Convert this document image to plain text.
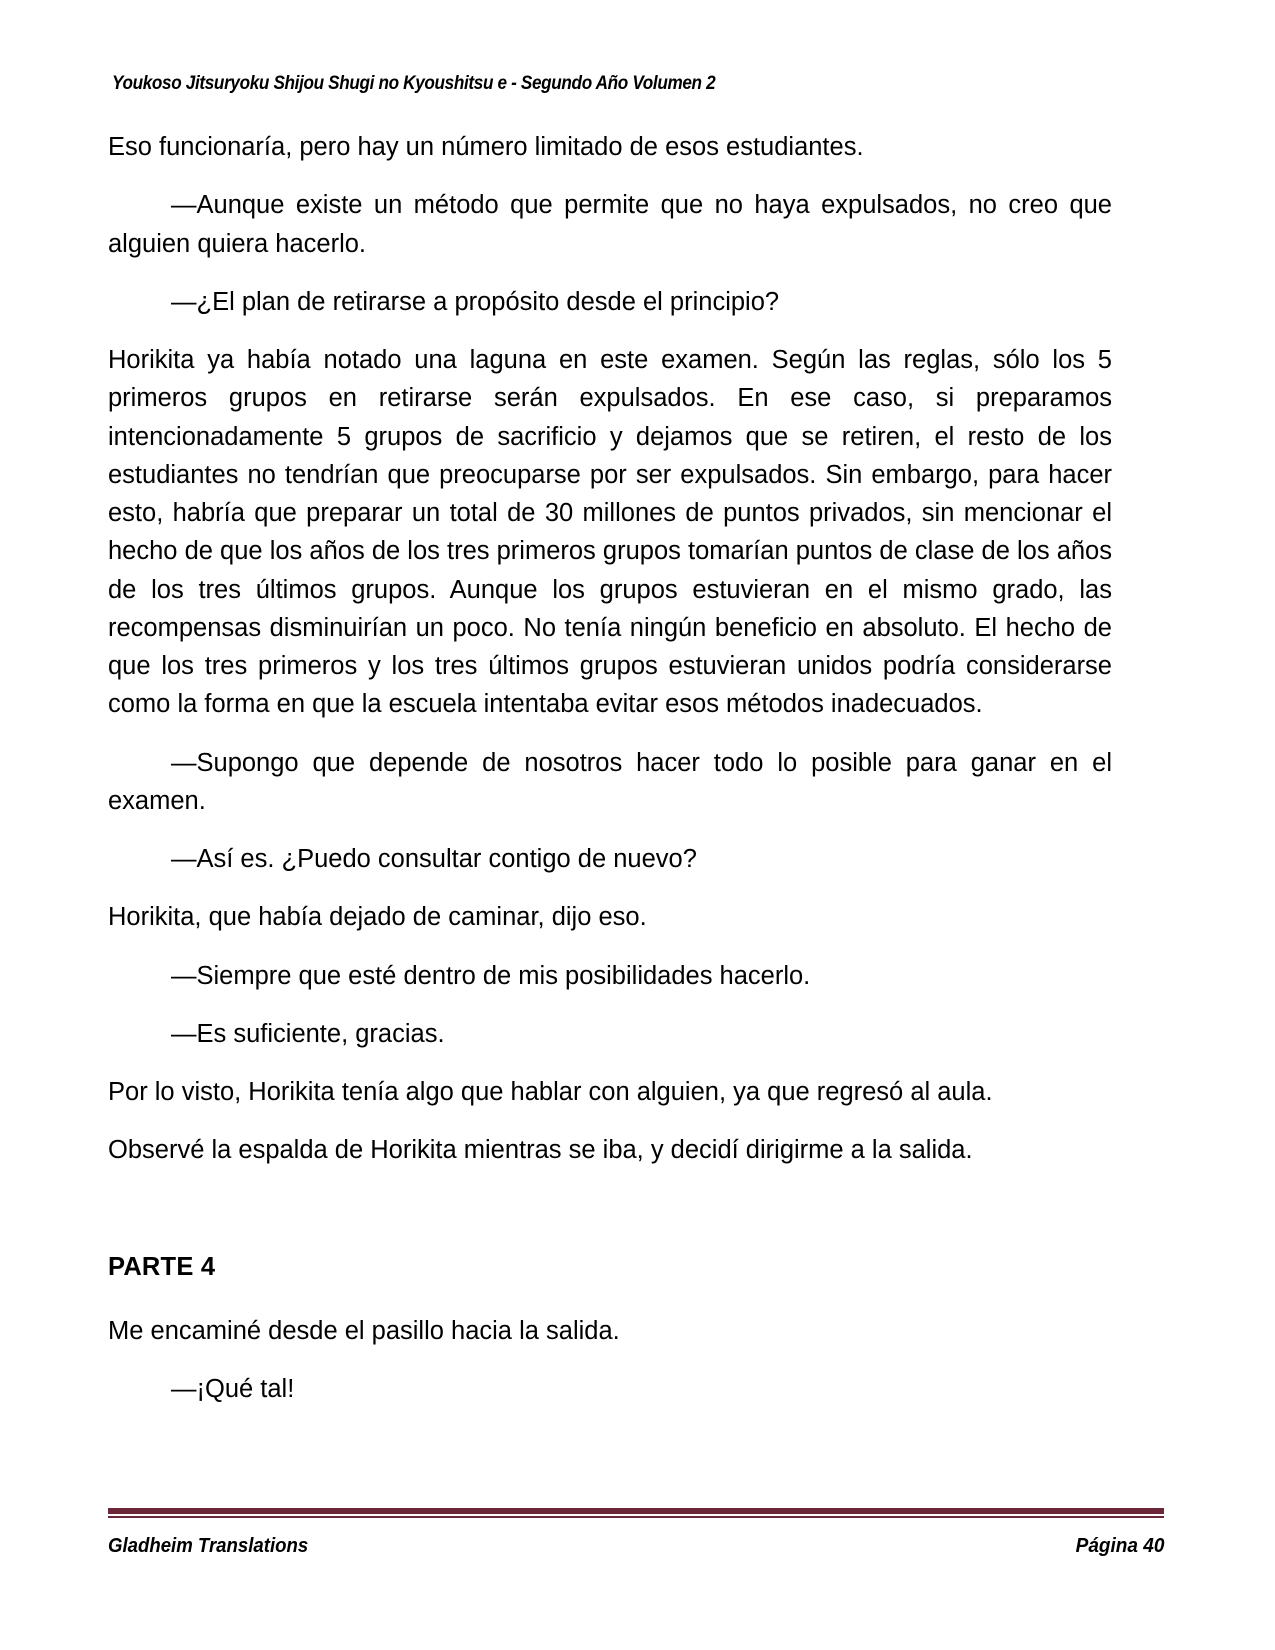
Youkoso Jitsuryoku Shijou Shugi no Kyoushitsu e - Segundo Año Volumen 2

Eso funcionaría, pero hay un número limitado de esos estudiantes.

—Aunque existe un método que permite que no haya expulsados, no creo que alguien quiera hacerlo.

—¿El plan de retirarse a propósito desde el principio?

Horikita ya había notado una laguna en este examen. Según las reglas, sólo los 5 primeros grupos en retirarse serán expulsados. En ese caso, si preparamos intencionadamente 5 grupos de sacrificio y dejamos que se retiren, el resto de los estudiantes no tendrían que preocuparse por ser expulsados. Sin embargo, para hacer esto, habría que preparar un total de 30 millones de puntos privados, sin mencionar el hecho de que los años de los tres primeros grupos tomarían puntos de clase de los años de los tres últimos grupos. Aunque los grupos estuvieran en el mismo grado, las recompensas disminuirían un poco. No tenía ningún beneficio en absoluto. El hecho de que los tres primeros y los tres últimos grupos estuvieran unidos podría considerarse como la forma en que la escuela intentaba evitar esos métodos inadecuados.

—Supongo que depende de nosotros hacer todo lo posible para ganar en el examen.

—Así es. ¿Puedo consultar contigo de nuevo?

Horikita, que había dejado de caminar, dijo eso.

—Siempre que esté dentro de mis posibilidades hacerlo.

—Es suficiente, gracias.

Por lo visto, Horikita tenía algo que hablar con alguien, ya que regresó al aula.

Observé la espalda de Horikita mientras se iba, y decidí dirigirme a la salida.

PARTE 4

Me encaminé desde el pasillo hacia la salida.

—¡Qué tal!

Gladheim Translations	Página 40
